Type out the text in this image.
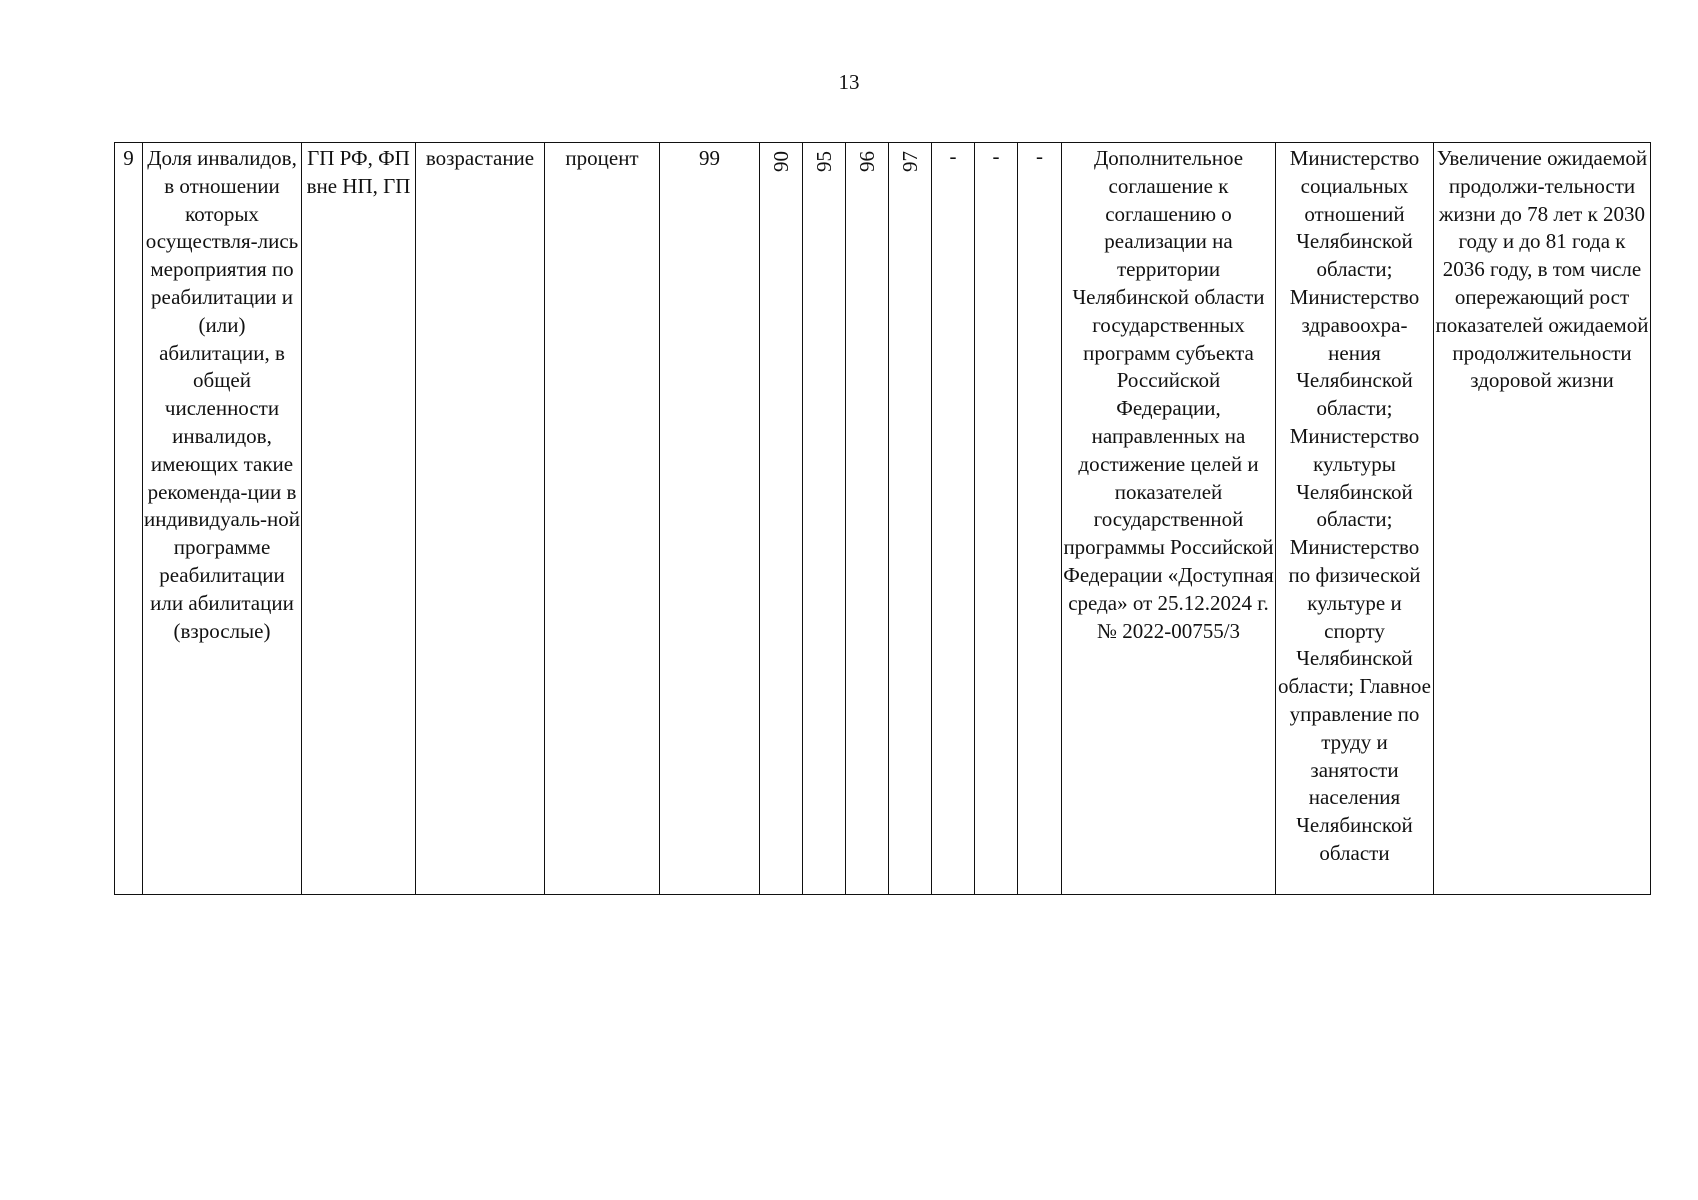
13
9	Доля инвалидов, в отношении которых осуществля-лись мероприятия по реабилитации и (или) абилитации, в общей численности инвалидов, имеющих такие рекоменда-ции в индивидуаль-ной программе реабилитации или абилитации (взрослые)	ГП РФ, ФП вне НП, ГП	возрастание	процент	99	90	95	96	97	-	-	-	Дополнительное соглашение к соглашению о реализации на территории Челябинской области государственных программ субъекта Российской Федерации, направленных на достижение целей и показателей государственной программы Российской Федерации «Доступная среда» от 25.12.2024 г. № 2022-00755/3	Министерство социальных отношений Челябинской области; Министерство здравоохра-нения Челябинской области; Министерство культуры Челябинской области; Министерство по физической культуре и спорту Челябинской области; Главное управление по труду и занятости населения Челябинской области	Увеличение ожидаемой продолжи-тельности жизни до 78 лет к 2030 году и до 81 года к 2036 году, в том числе опережающий рост показателей ожидаемой продолжительности здоровой жизни
